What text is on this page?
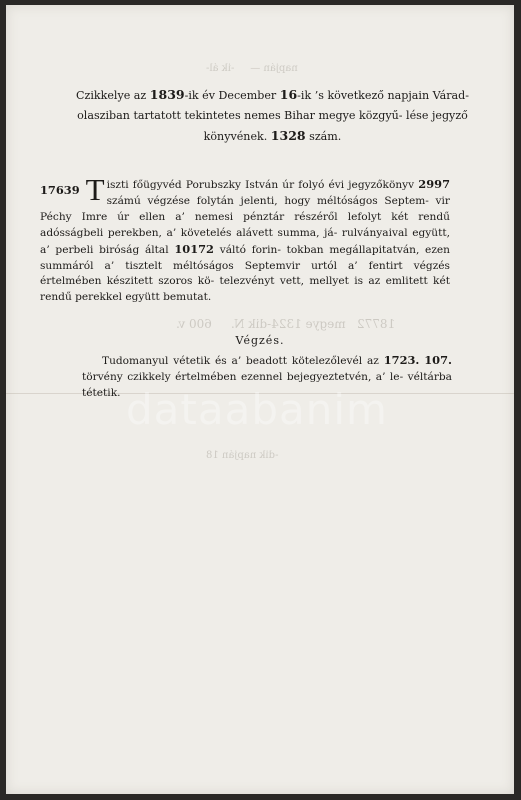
napján —     -ik ál-
18772   megye 1324-dik N.     600 v.
-dik napján 18
Czikkelye az 1839-ik év December 16-ik ’s következő napjain Várad-olasziban tartatott tekintetes nemes Bihar megye közgyű- lése jegyző könyvének. 1328 szám.
17639 T iszti főügyvéd Porubszky István úr folyó évi jegyzőkönyv 2997 számú végzése folytán jelenti, hogy méltóságos Septem- vir Péchy Imre úr ellen a’ nemesi pénztár részéről lefolyt két rendű adósságbeli perekben, a’ követelés alávett summa, já- rulványaival együtt, a’ perbeli biróság által 10172 váltó forin- tokban megállapitatván, ezen summáról a’ tisztelt méltóságos Septemvir urtól a’ fentirt végzés értelmében készitett szoros kö- telezvényt vett, mellyet is az emlitett két rendű perekkel együtt bemutat.
Végzés.
Tudomanyul vétetik és a’ beadott kötelezőlevél az 1723. 107. törvény czikkely értelmében ezennel bejegyeztetvén, a’ le- véltárba tétetik. dataabanim
